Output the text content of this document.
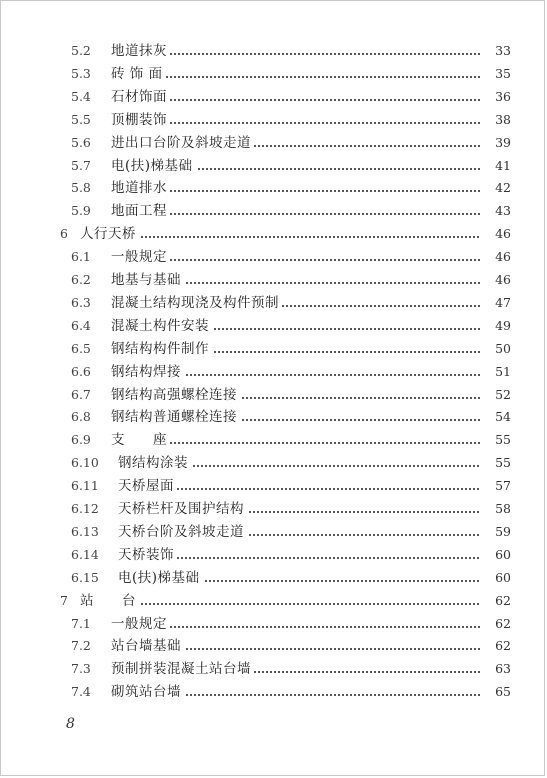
5.2 地道抹灰	33
5.3 砖 饰 面	35
5.4 石材饰面	36
5.5 顶棚装饰	38
5.6 进出口台阶及斜坡走道	39
5.7 电(扶)梯基础	41
5.8 地道排水	42
5.9 地面工程	43
6 人行天桥	46
6.1 一般规定	46
6.2 地基与基础	46
6.3 混凝土结构现浇及构件预制	47
6.4 混凝土构件安装	49
6.5 钢结构构件制作	50
6.6 钢结构焊接	51
6.7 钢结构高强螺栓连接	52
6.8 钢结构普通螺栓连接	54
6.9 支　　座	55
6.10 钢结构涂装	55
6.11 天桥屋面	57
6.12 天桥栏杆及围护结构	58
6.13 天桥台阶及斜坡走道	59
6.14 天桥装饰	60
6.15 电(扶)梯基础	60
7 站　　台	62
7.1 一般规定	62
7.2 站台墙基础	62
7.3 预制拼装混凝土站台墙	63
7.4 砌筑站台墙	65
8
